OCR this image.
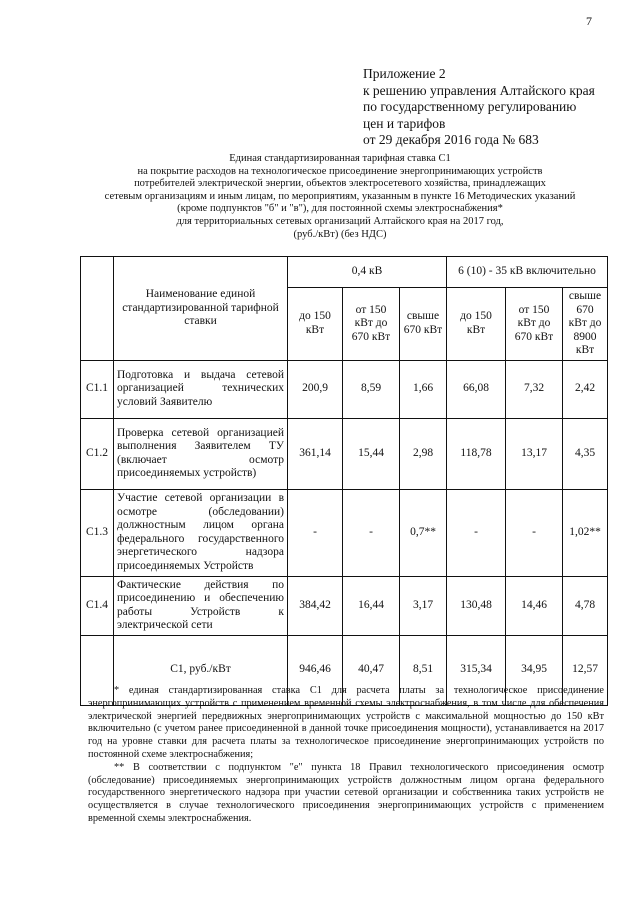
7
Приложение 2
к решению управления Алтайского края
по государственному регулированию
цен и тарифов
от 29 декабря 2016 года № 683
Единая стандартизированная тарифная ставка С1
на покрытие расходов на технологическое присоединение энергопринимающих устройств
потребителей электрической энергии, объектов электросетевого хозяйства, принадлежащих
сетевым организациям и иным лицам, по мероприятиям, указанным в пункте 16 Методических указаний
(кроме подпунктов "б" и "в"), для постоянной схемы электроснабжения*
для территориальных сетевых организаций Алтайского края на 2017 год,
(руб./кВт) (без НДС)
	Наименование единой стандартизированной тарифной ставки	0,4 кВ			6 (10) - 35 кВ включительно		
		до 150 кВт	от 150 кВт до 670 кВт	свыше 670 кВт	до 150 кВт	от 150 кВт до 670 кВт	свыше 670 кВт до 8900 кВт
С1.1	Подготовка и выдача сетевой организацией технических условий Заявителю	200,9	8,59	1,66	66,08	7,32	2,42
С1.2	Проверка сетевой организацией выполнения Заявителем ТУ (включает осмотр присоединяемых устройств)	361,14	15,44	2,98	118,78	13,17	4,35
С1.3	Участие сетевой организации в осмотре (обследовании) должностным лицом органа федерального государственного энергетического надзора присоединяемых Устройств	-	-	0,7**	-	-	1,02**
С1.4	Фактические действия по присоединению и обеспечению работы Устройств к электрической сети	384,42	16,44	3,17	130,48	14,46	4,78
	С1, руб./кВт	946,46	40,47	8,51	315,34	34,95	12,57

* единая стандартизированная ставка С1 для расчета платы за технологическое присоединение энергопринимающих устройств с применением временной схемы электроснабжения, в том числе для обеспечения электрической энергией передвижных энергопринимающих устройств с максимальной мощностью до 150 кВт включительно (с учетом ранее присоединенной в данной точке присоединения мощности), устанавливается на 2017 год на уровне ставки для расчета платы за технологическое присоединение энергопринимающих устройств по постоянной схеме электроснабжения;

** В соответствии с подпунктом "е" пункта 18 Правил технологического присоединения осмотр (обследование) присоединяемых энергопринимающих устройств должностным лицом органа федерального государственного энергетического надзора при участии сетевой организации и собственника таких устройств не осуществляется в случае технологического присоединения энергопринимающих устройств с применением временной схемы электроснабжения.
